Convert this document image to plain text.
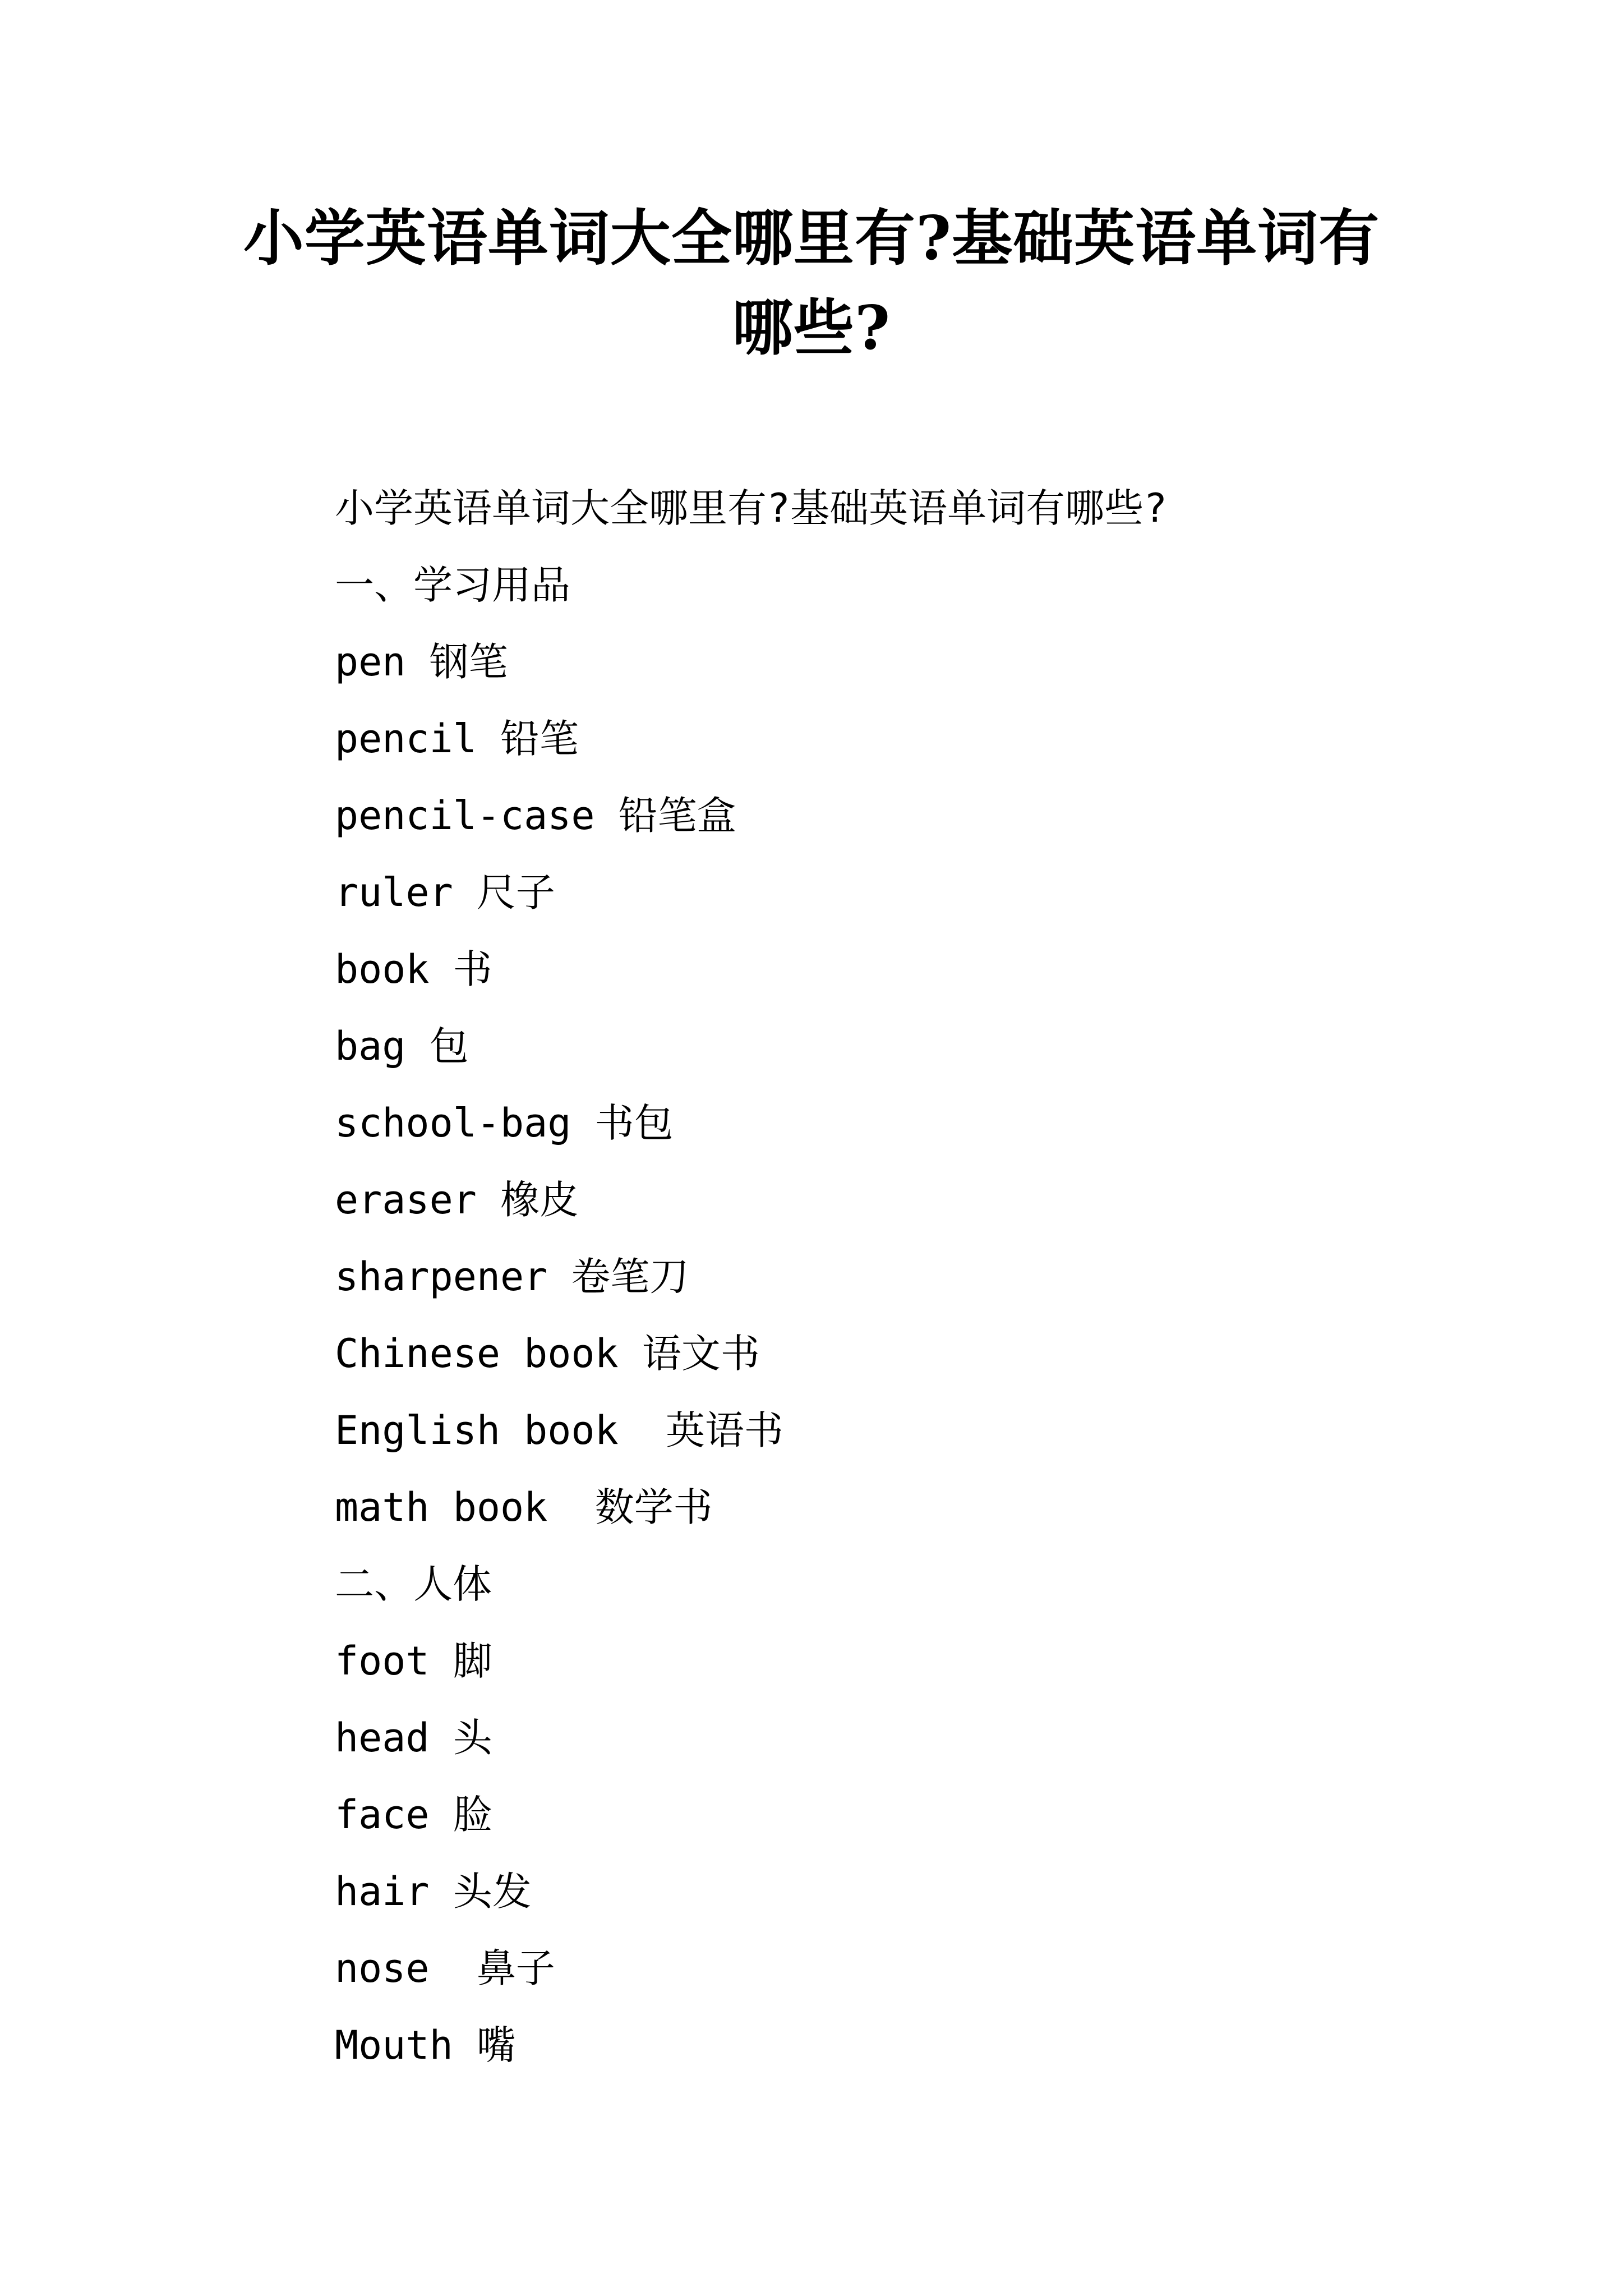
小学英语单词大全哪里有?基础英语单词有
哪些?
小学英语单词大全哪里有?基础英语单词有哪些?
一、学习用品
pen 钢笔
pencil 铅笔
pencil-case 铅笔盒
ruler 尺子
book 书
bag 包
school-bag 书包
eraser 橡皮
sharpener 卷笔刀
Chinese book 语文书
English book  英语书
math book  数学书
二、人体
foot 脚
head 头
face 脸
hair 头发
nose  鼻子
Mouth 嘴
